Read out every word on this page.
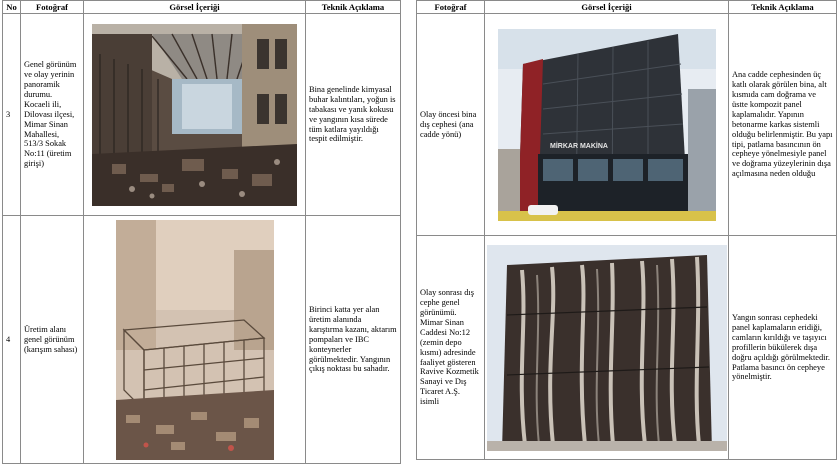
No	Fotoğraf	Görsel İçeriği	Teknik Açıklama
3	Genel görünüm ve olay yerinin panoramik durumu. Kocaeli ili, Dilovası ilçesi, Mimar Sinan Mahallesi, 513/3 Sokak No:11 (üretim girişi)		Bina genelinde kimyasal buhar kalıntıları, yoğun is tabakası ve yanık kokusu ve yangının kısa sürede tüm katlara yayıldığı tespit edilmiştir.
4	Üretim alanı genel görünüm (karışım sahası)		Birinci katta yer alan üretim alanında karıştırma kazanı, aktarım pompaları ve IBC konteynerler görülmektedir. Yangının çıkış noktası bu sahadır.
Fotoğraf	Görsel İçeriği	Teknik Açıklama
Olay öncesi bina dış cephesi (ana cadde yönü)	MİRKAR MAKİNA	Ana cadde cephesinden üç katlı olarak görülen bina, alt kısmıda cam doğrama ve üstte kompozit panel kaplamalıdır. Yapının betonarme karkas sistemli olduğu belirlenmiştir. Bu yapı tipi, patlama basıncının ön cepheye yönelmesiyle panel ve doğrama yüzeylerinin dışa açılmasına neden olduğu
Olay sonrası dış cephe genel görünümü. Mimar Sinan Caddesi No:12 (zemin depo kısmı) adresinde faaliyet gösteren Ravive Kozmetik Sanayi ve Dış Ticaret A.Ş. isimli		Yangın sonrası cephedeki panel kaplamaların eridiği, camların kırıldığı ve taşıyıcı profillerin bükülerek dışa doğru açıldığı görülmektedir. Patlama basıncı ön cepheye yönelmiştir.
